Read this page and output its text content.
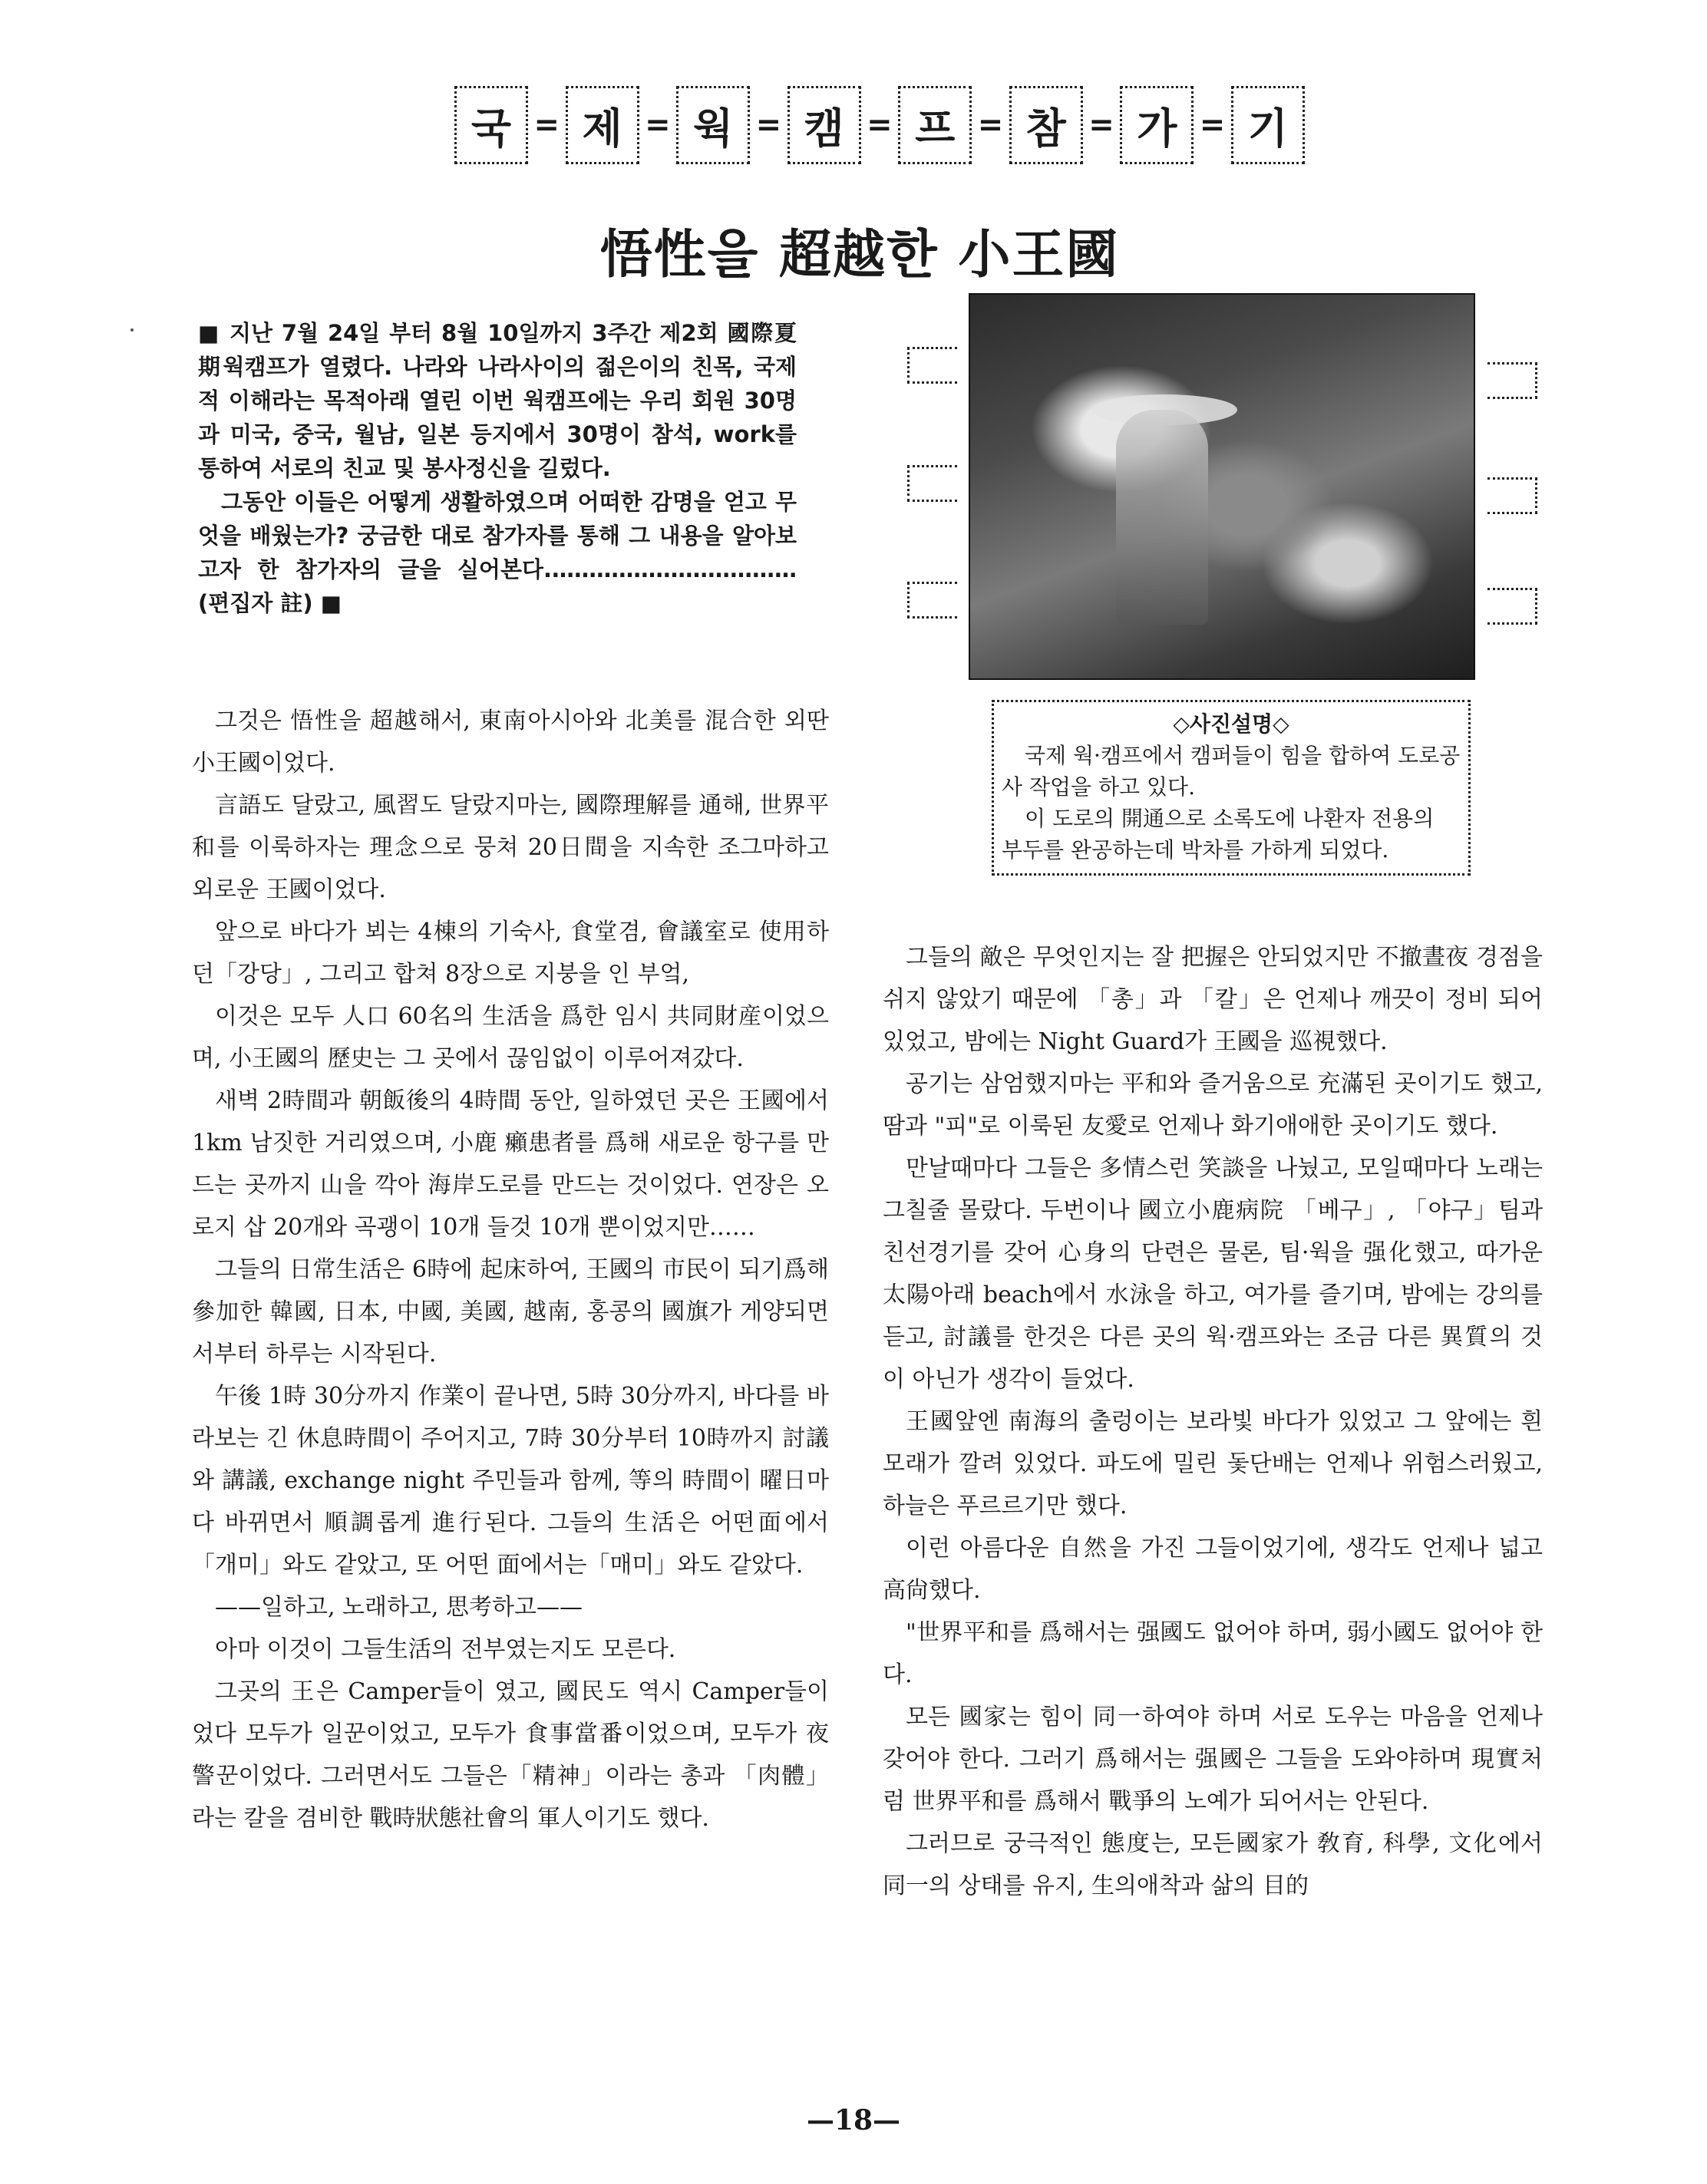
국 = 제 = 웍 = 캠 = 프 = 참 = 가 = 기
悟性을 超越한 小王國

■ 지난 7월 24일 부터 8월 10일까지 3주간 제2회 國際夏期웍캠프가 열렸다. 나라와 나라사이의 젊은이의 친목, 국제적 이해라는 목적아래 열린 이번 웍캠프에는 우리 회원 30명과 미국, 중국, 월남, 일본 등지에서 30명이 참석, work를 통하여 서로의 친교 및 봉사정신을 길렀다.

그동안 이들은 어떻게 생활하였으며 어떠한 감명을 얻고 무엇을 배웠는가? 궁금한 대로 참가자를 통해 그 내용을 알아보고자 한 참가자의 글을 실어본다.…………………………… (편집자 註) ■

◇사진설명◇

국제 웍·캠프에서 캠퍼들이 힘을 합하여 도로공사 작업을 하고 있다.

이 도로의 開通으로 소록도에 나환자 전용의 부두를 완공하는데 박차를 가하게 되었다.

그것은 悟性을 超越해서, 東南아시아와 北美를 混合한 외딴 小王國이었다.

言語도 달랐고, 風習도 달랐지마는, 國際理解를 通해, 世界平和를 이룩하자는 理念으로 뭉쳐 20日間을 지속한 조그마하고 외로운 王國이었다.

앞으로 바다가 뵈는 4棟의 기숙사, 食堂겸, 會議室로 使用하던「강당」, 그리고 합쳐 8장으로 지붕을 인 부엌,

이것은 모두 人口 60名의 生活을 爲한 임시 共同財産이었으며, 小王國의 歷史는 그 곳에서 끊임없이 이루어져갔다.

새벽 2時間과 朝飯後의 4時間 동안, 일하였던 곳은 王國에서 1km 남짓한 거리였으며, 小鹿 癩患者를 爲해 새로운 항구를 만드는 곳까지 山을 깍아 海岸도로를 만드는 것이었다. 연장은 오로지 삽 20개와 곡괭이 10개 들것 10개 뿐이었지만……

그들의 日常生活은 6時에 起床하여, 王國의 市民이 되기爲해 參加한 韓國, 日本, 中國, 美國, 越南, 홍콩의 國旗가 게양되면서부터 하루는 시작된다.

午後 1時 30分까지 作業이 끝나면, 5時 30分까지, 바다를 바라보는 긴 休息時間이 주어지고, 7時 30分부터 10時까지 討議와 講議, exchange night 주민들과 함께, 等의 時間이 曜日마다 바뀌면서 順調롭게 進行된다. 그들의 生活은 어떤面에서 「개미」와도 같았고, 또 어떤 面에서는「매미」와도 같았다.

——일하고, 노래하고, 思考하고——

아마 이것이 그들生活의 전부였는지도 모른다.

그곳의 王은 Camper들이 였고, 國民도 역시 Camper들이었다 모두가 일꾼이었고, 모두가 食事當番이었으며, 모두가 夜警꾼이었다. 그러면서도 그들은「精神」이라는 총과 「肉體」라는 칼을 겸비한 戰時狀態社會의 軍人이기도 했다.

그들의 敵은 무엇인지는 잘 把握은 안되었지만 不撤晝夜 경점을 쉬지 않았기 때문에 「총」과 「칼」은 언제나 깨끗이 정비 되어 있었고, 밤에는 Night Guard가 王國을 巡視했다.

공기는 삼엄했지마는 平和와 즐거움으로 充滿된 곳이기도 했고, 땀과 "피"로 이룩된 友愛로 언제나 화기애애한 곳이기도 했다.

만날때마다 그들은 多情스런 笑談을 나눴고, 모일때마다 노래는 그칠줄 몰랐다. 두번이나 國立小鹿病院 「베구」, 「야구」팀과 친선경기를 갖어 心身의 단련은 물론, 팀·웍을 强化했고, 따가운 太陽아래 beach에서 水泳을 하고, 여가를 즐기며, 밤에는 강의를 듣고, 討議를 한것은 다른 곳의 웍·캠프와는 조금 다른 異質의 것이 아닌가 생각이 들었다.

王國앞엔 南海의 출렁이는 보라빛 바다가 있었고 그 앞에는 흰모래가 깔려 있었다. 파도에 밀린 돛단배는 언제나 위험스러웠고, 하늘은 푸르르기만 했다.

이런 아름다운 自然을 가진 그들이었기에, 생각도 언제나 넓고 高尙했다.

"世界平和를 爲해서는 强國도 없어야 하며, 弱小國도 없어야 한다.

모든 國家는 힘이 同一하여야 하며 서로 도우는 마음을 언제나 갖어야 한다. 그러기 爲해서는 强國은 그들을 도와야하며 現實처럼 世界平和를 爲해서 戰爭의 노예가 되어서는 안된다.

그러므로 궁극적인 態度는, 모든國家가 敎育, 科學, 文化에서 同一의 상태를 유지, 生의애착과 삶의 目的

—18—
